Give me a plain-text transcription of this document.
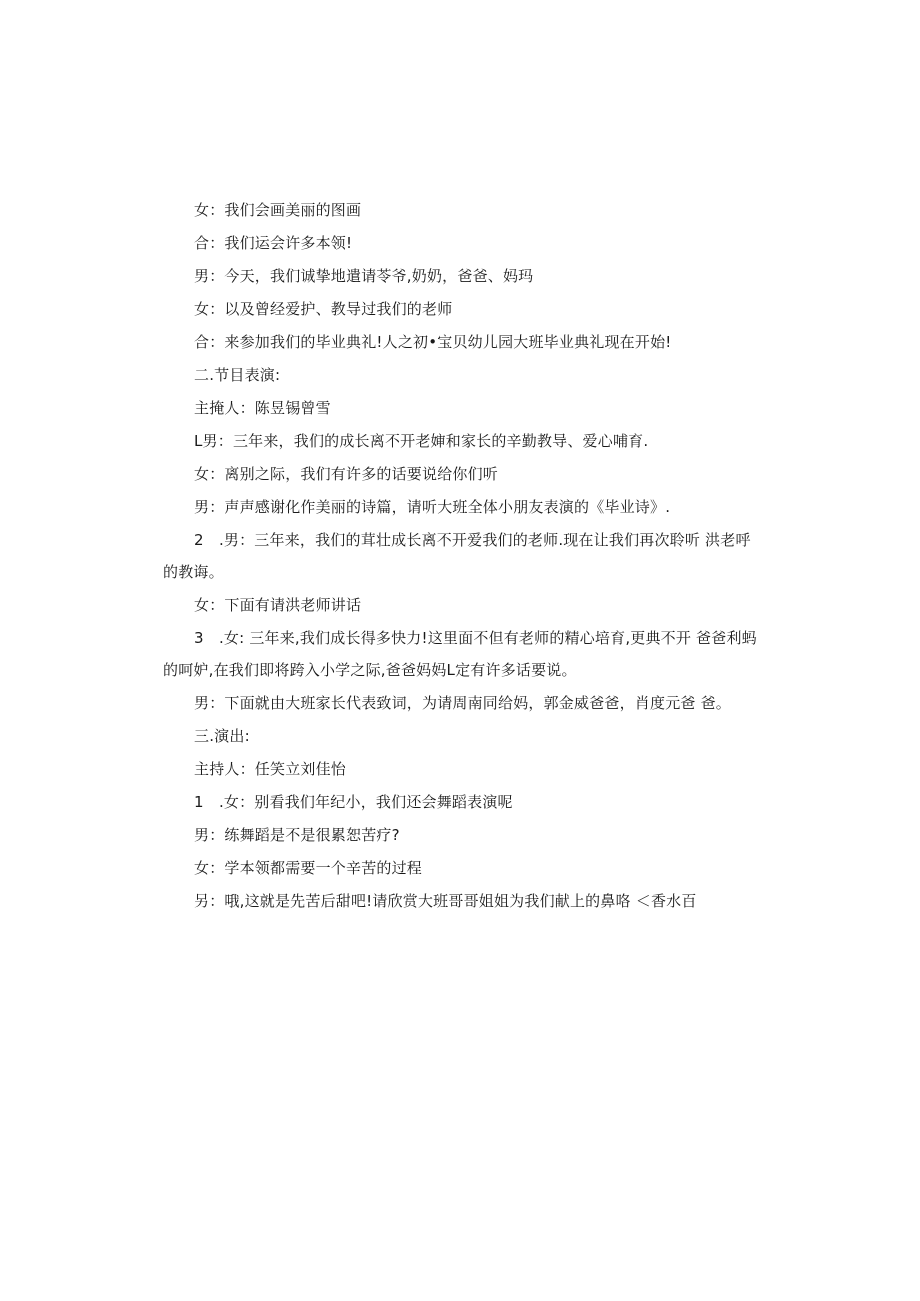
女：我们会画美丽的图画
合：我们运会许多本领!
男：今天，我们诚挚地遣请苓爷,奶奶，爸爸、妈玛
女：以及曾经爱护、教导过我们的老师
合：来参加我们的毕业典礼!人之初•宝贝幼儿园大班毕业典礼现在开始!
二.节目表演:
主掩人：陈昱锡曾雪
L男：三年来，我们的成长离不开老婶和家长的辛勤教导、爱心哺育.
女：离别之际，我们有许多的话要说给你们听
男：声声感谢化作美丽的诗篇，请听大班全体小朋友表演的《毕业诗》.
2　.男：三年来，我们的茸壮成长离不开爱我们的老师.现在让我们再次聆听 洪老呼
的教诲。
女：下面有请洪老师讲话
3　.女: 三年来,我们成长得多快力!这里面不但有老师的精心培育,更典不开 爸爸利蚂
的呵妒,在我们即将跨入小学之际,爸爸妈妈L定有许多话要说。
男：下面就由大班家长代表致词，为请周南同给妈，郭金威爸爸，肖度元爸 爸。
三.演出:
主持人：任笑立刘佳怡
1　.女：别看我们年纪小，我们还会舞蹈表演呢
男：练舞蹈是不是很累恕苦疗?
女：学本领都需要一个辛苦的过程
另：哦,这就是先苦后甜吧!请欣赏大班哥哥姐姐为我们献上的鼻咯 ＜香水百
